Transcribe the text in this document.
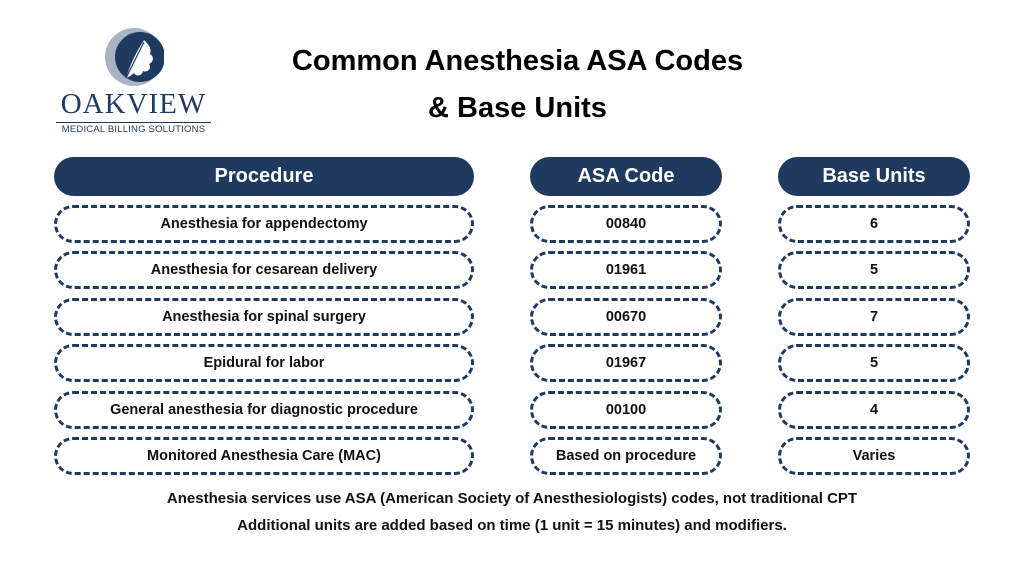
OAKVIEW
MEDICAL BILLING SOLUTIONS
Common Anesthesia ASA Codes
& Base Units
Procedure
Anesthesia for appendectomy
Anesthesia for cesarean delivery
Anesthesia for spinal surgery
Epidural for labor
General anesthesia for diagnostic procedure
Monitored Anesthesia Care (MAC)
ASA Code
00840
01961
00670
01967
00100
Based on procedure
Base Units
6
5
7
5
4
Varies
Anesthesia services use ASA (American Society of Anesthesiologists) codes, not traditional CPT
Additional units are added based on time (1 unit = 15 minutes) and modifiers.
